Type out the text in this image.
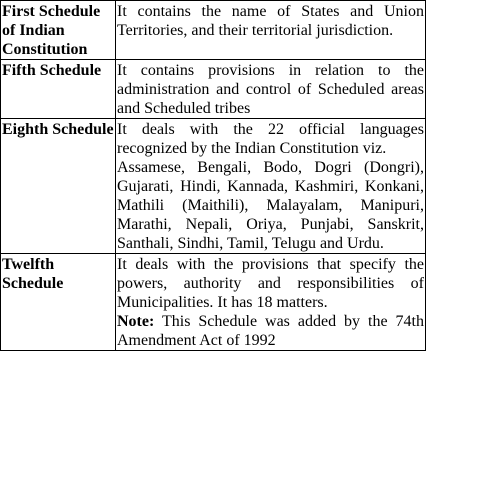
First Schedule of Indian Constitution	It contains the name of States and Union Territories, and their territorial jurisdiction.

Fifth Schedule	It contains provisions in relation to the administration and control of Scheduled areas and Scheduled tribes

Eighth Schedule	It deals with the 22 official languages recognized by the Indian Constitution viz.
Assamese, Bengali, Bodo, Dogri (Dongri), Gujarati, Hindi, Kannada, Kashmiri, Konkani, Mathili (Maithili), Malayalam, Manipuri, Marathi, Nepali, Oriya, Punjabi, Sanskrit, Santhali, Sindhi, Tamil, Telugu and Urdu.

Twelfth Schedule	It deals with the provisions that specify the powers, authority and responsibilities of Municipalities. It has 18 matters.
Note: This Schedule was added by the 74th Amendment Act of 1992
